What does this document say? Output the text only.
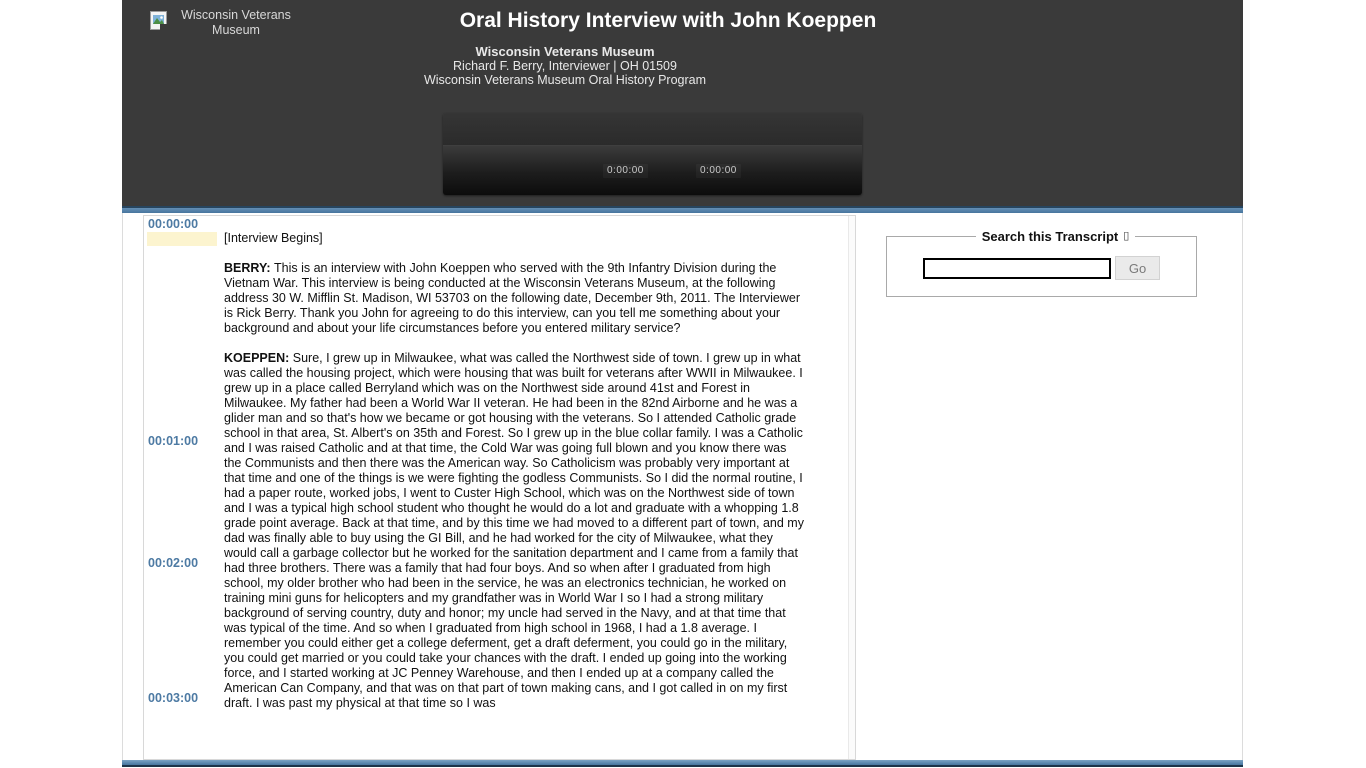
Wisconsin Veterans Museum	Oral History Interview with John Koeppen
Wisconsin Veterans Museum
Richard F. Berry, Interviewer | OH 01509
Wisconsin Veterans Museum Oral History Program
0:00:00	0:00:00
00:00:00
00:01:00
00:02:00
00:03:00

[Interview Begins]

BERRY: This is an interview with John Koeppen who served with the 9th Infantry Division during the Vietnam War. This interview is being conducted at the Wisconsin Veterans Museum, at the following address 30 W. Mifflin St. Madison, WI 53703 on the following date, December 9th, 2011. The Interviewer is Rick Berry. Thank you John for agreeing to do this interview, can you tell me something about your background and about your life circumstances before you entered military service?

KOEPPEN: Sure, I grew up in Milwaukee, what was called the Northwest side of town. I grew up in what was called the housing project, which were housing that was built for veterans after WWII in Milwaukee. I grew up in a place called Berryland which was on the Northwest side around 41st and Forest in Milwaukee. My father had been a World War II veteran. He had been in the 82nd Airborne and he was a glider man and so that's how we became or got housing with the veterans. So I attended Catholic grade school in that area, St. Albert's on 35th and Forest. So I grew up in the blue collar family. I was a Catholic and I was raised Catholic and at that time, the Cold War was going full blown and you know there was the Communists and then there was the American way. So Catholicism was probably very important at that time and one of the things is we were fighting the godless Communists. So I did the normal routine, I had a paper route, worked jobs, I went to Custer High School, which was on the Northwest side of town and I was a typical high school student who thought he would do a lot and graduate with a whopping 1.8 grade point average. Back at that time, and by this time we had moved to a different part of town, and my dad was finally able to buy using the GI Bill, and he had worked for the city of Milwaukee, what they would call a garbage collector but he worked for the sanitation department and I came from a family that had three brothers. There was a family that had four boys. And so when after I graduated from high school, my older brother who had been in the service, he was an electronics technician, he worked on training mini guns for helicopters and my grandfather was in World War I so I had a strong military background of serving country, duty and honor; my uncle had served in the Navy, and at that time that was typical of the time. And so when I graduated from high school in 1968, I had a 1.8 average. I remember you could either get a college deferment, get a draft deferment, you could go in the military, you could get married or you could take your chances with the draft. I ended up going into the working force, and I started working at JC Penney Warehouse, and then I ended up at a company called the American Can Company, and that was on that part of town making cans, and I got called in on my first draft. I was past my physical at that time so I was

Search this Transcript ▯
Go
